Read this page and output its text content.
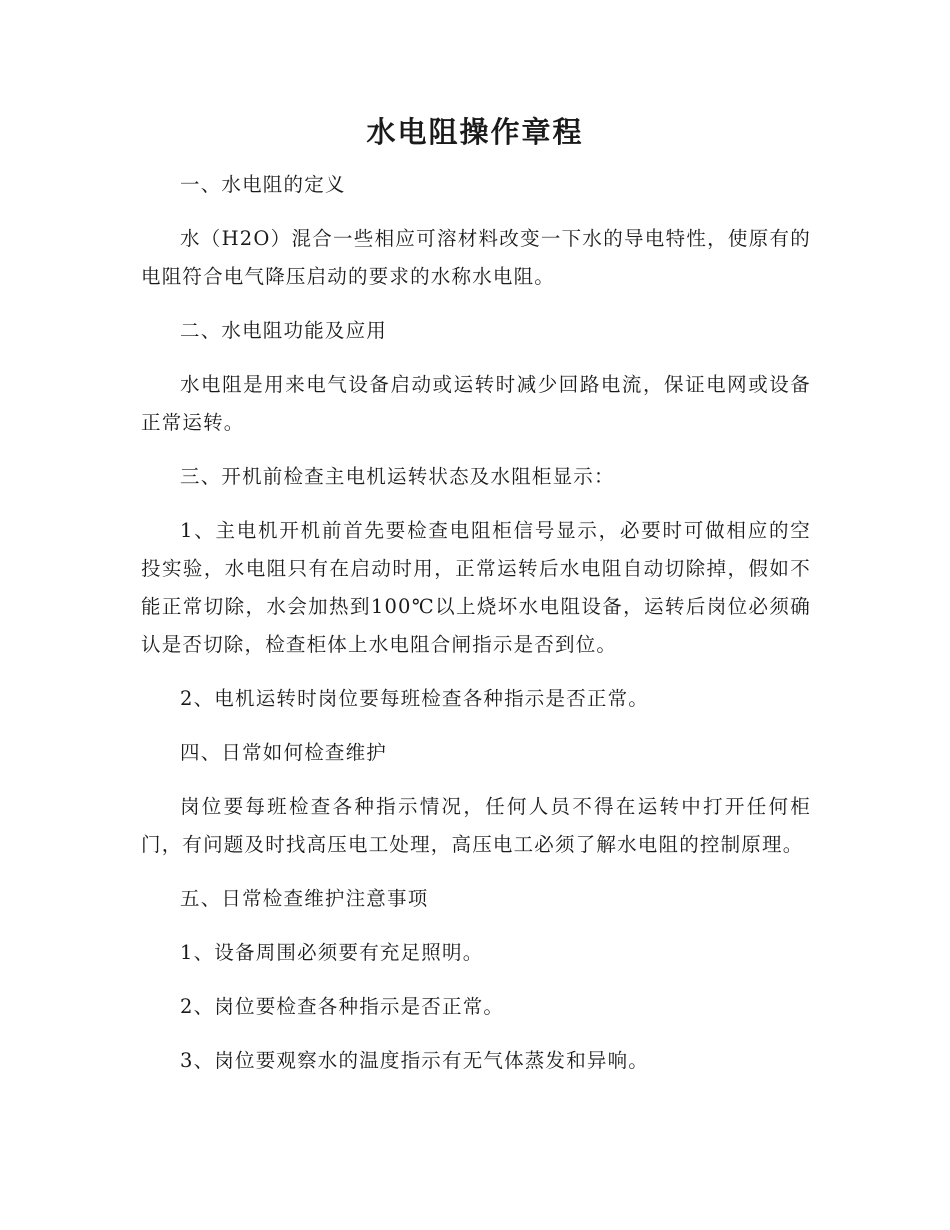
水电阻操作章程

一、水电阻的定义

水（H2O）混合一些相应可溶材料改变一下水的导电特性，使原有的电阻符合电气降压启动的要求的水称水电阻。

二、水电阻功能及应用

水电阻是用来电气设备启动或运转时减少回路电流，保证电网或设备正常运转。

三、开机前检查主电机运转状态及水阻柜显示：

1、主电机开机前首先要检查电阻柜信号显示，必要时可做相应的空投实验，水电阻只有在启动时用，正常运转后水电阻自动切除掉，假如不能正常切除，水会加热到100℃以上烧坏水电阻设备，运转后岗位必须确认是否切除，检查柜体上水电阻合闸指示是否到位。

2、电机运转时岗位要每班检查各种指示是否正常。

四、日常如何检查维护

岗位要每班检查各种指示情况，任何人员不得在运转中打开任何柜门，有问题及时找高压电工处理，高压电工必须了解水电阻的控制原理。

五、日常检查维护注意事项

1、设备周围必须要有充足照明。

2、岗位要检查各种指示是否正常。

3、岗位要观察水的温度指示有无气体蒸发和异响。
